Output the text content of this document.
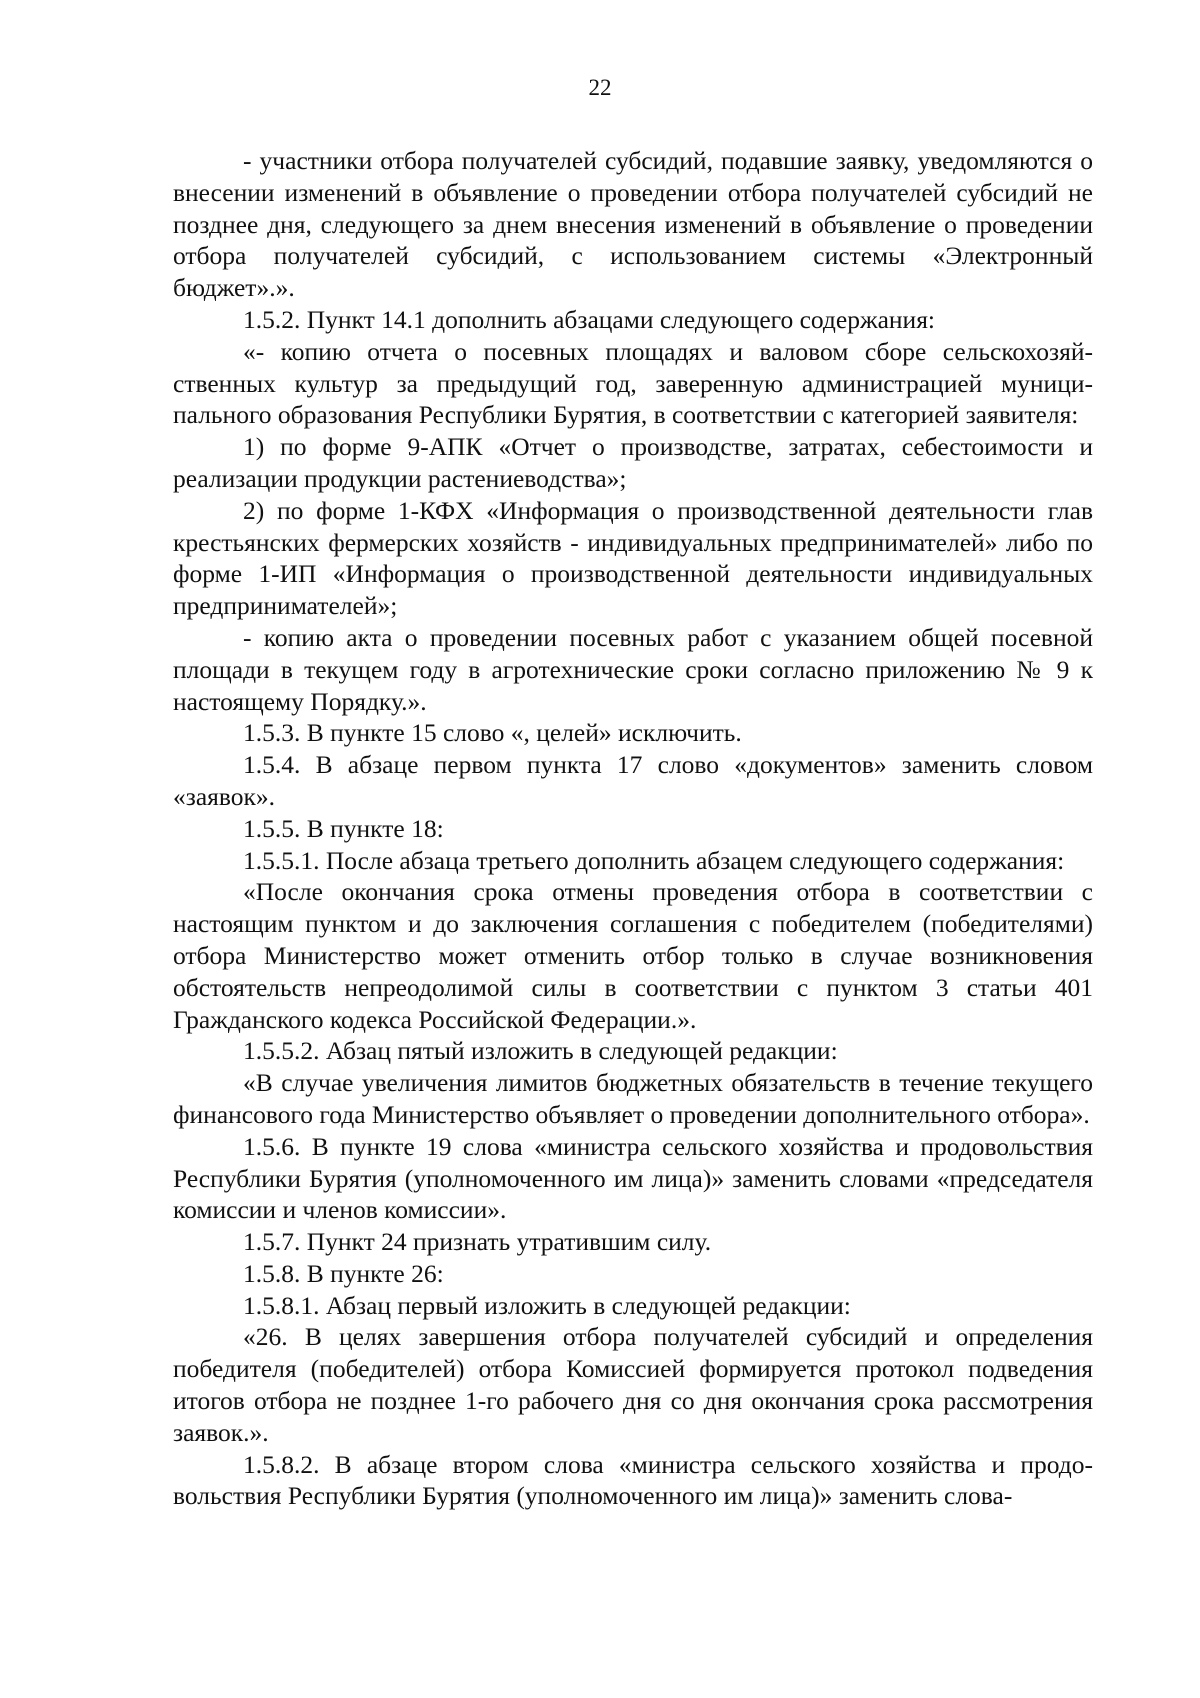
22

- участники отбора получателей субсидий, подавшие заявку, уведомляются о внесении изменений в объявление о проведении отбора получателей субсидий не позднее дня, следующего за днем внесения изменений в объявление о проведении отбора получателей субсидий, с использованием системы «Электронный бюджет».».

1.5.2. Пункт 14.1 дополнить абзацами следующего содержания:

«- копию отчета о посевных площадях и валовом сборе сельскохозяйственных культур за предыдущий год, заверенную администрацией муниципального образования Республики Бурятия, в соответствии с категорией заявителя:

1) по форме 9-АПК «Отчет о производстве, затратах, себестоимости и реализации продукции растениеводства»;

2) по форме 1-КФХ «Информация о производственной деятельности глав крестьянских фермерских хозяйств - индивидуальных предпринимателей» либо по форме 1-ИП «Информация о производственной деятельности индивидуальных предпринимателей»;

- копию акта о проведении посевных работ с указанием общей посевной площади в текущем году в агротехнические сроки согласно приложению № 9 к настоящему Порядку.».

1.5.3. В пункте 15 слово «, целей» исключить.

1.5.4. В абзаце первом пункта 17 слово «документов» заменить словом «заявок».

1.5.5. В пункте 18:

1.5.5.1. После абзаца третьего дополнить абзацем следующего содержания:

«После окончания срока отмены проведения отбора в соответствии с настоящим пунктом и до заключения соглашения с победителем (победителями) отбора Министерство может отменить отбор только в случае возникновения обстоятельств непреодолимой силы в соответствии с пунктом 3 статьи 401 Гражданского кодекса Российской Федерации.».

1.5.5.2. Абзац пятый изложить в следующей редакции:

«В случае увеличения лимитов бюджетных обязательств в течение текущего финансового года Министерство объявляет о проведении дополнительного отбора».

1.5.6. В пункте 19 слова «министра сельского хозяйства и продовольствия Республики Бурятия (уполномоченного им лица)» заменить словами «председателя комиссии и членов комиссии».

1.5.7. Пункт 24 признать утратившим силу.

1.5.8. В пункте 26:

1.5.8.1. Абзац первый изложить в следующей редакции:

«26. В целях завершения отбора получателей субсидий и определения победителя (победителей) отбора Комиссией формируется протокол подведения итогов отбора не позднее 1-го рабочего дня со дня окончания срока рассмотрения заявок.».

1.5.8.2. В абзаце втором слова «министра сельского хозяйства и продовольствия Республики Бурятия (уполномоченного им лица)» заменить слова-
